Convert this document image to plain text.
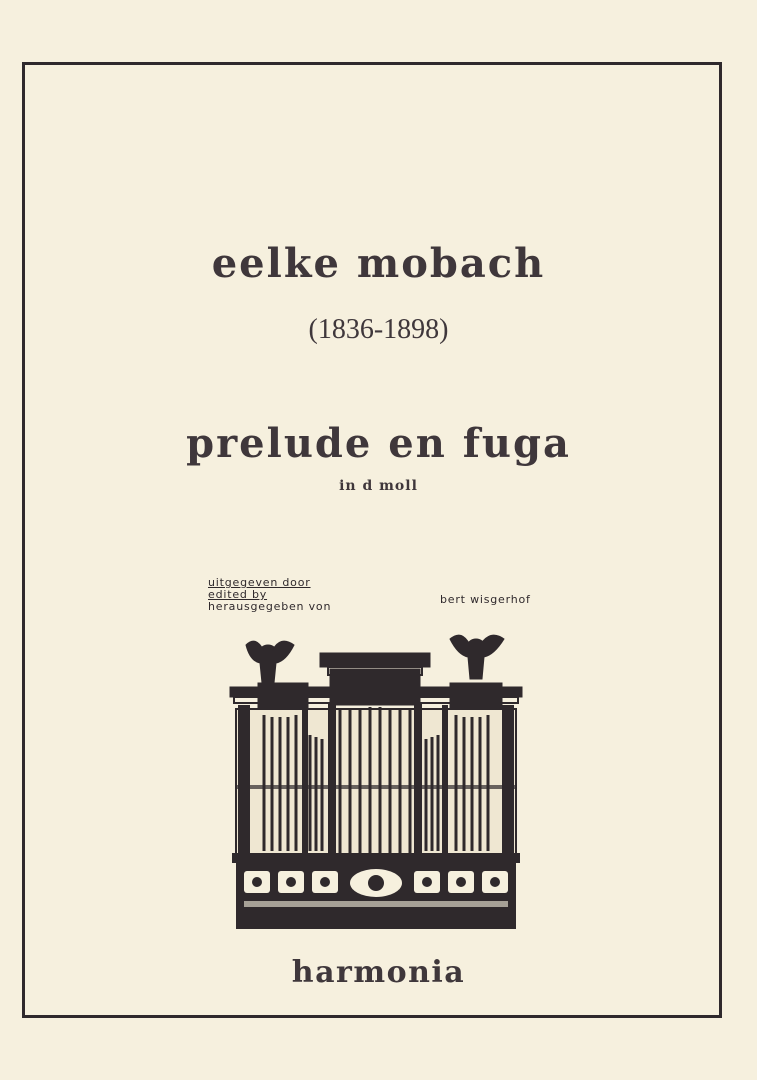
eelke mobach
(1836-1898)
prelude en fuga
in d moll
uitgegeven door
edited by
herausgegeben von
bert wisgerhof
harmonia
